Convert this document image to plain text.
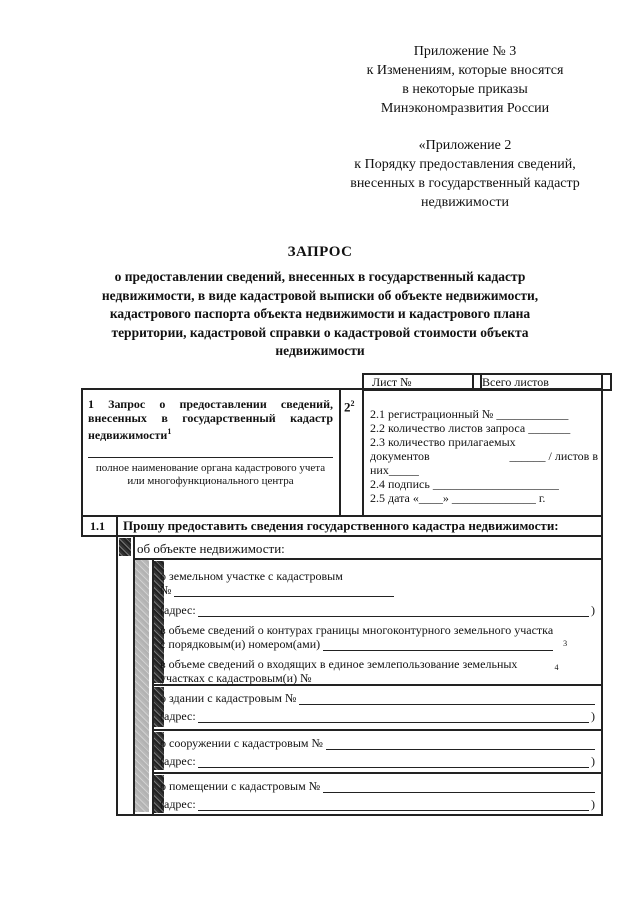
Приложение № 3
к Изменениям, которые вносятся
в некоторые приказы
Минэкономразвития России
«Приложение 2
к Порядку предоставления сведений,
внесенных в государственный кадастр
недвижимости
ЗАПРОС
о предоставлении сведений, внесенных в государственный кадастр
недвижимости, в виде кадастровой выписки об объекте недвижимости,
кадастрового паспорта объекта недвижимости и кадастрового плана
территории, кадастровой справки о кадастровой стоимости объекта
недвижимости
Лист №	Всего листов
1 Запрос о предоставлении сведений, внесенных в государственный кадастр недвижимости$^1$
полное наименование органа кадастрового учета
или многофункционального центра
$2^2$
2.1 регистрационный № ____________
2.2 количество листов запроса _______
2.3 количество прилагаемых
документов	______ / листов в
них_____
2.4 подпись _____________________
2.5 дата «____» ______________ г.
1.1 Прошу предоставить сведения государственного кадастра недвижимости:
об объекте недвижимости:
о земельном участке с кадастровым
№
(адрес:	)
в объеме сведений о контурах границы многоконтурного земельного участка
с порядковым(и) номером(ами)	3
в объеме сведений о входящих в единое землепользование земельных
участках с кадастровым(и) №
$^4$
о здании с кадастровым №
(адрес:	)
о сооружении с кадастровым №
(адрес:	)
о помещении с кадастровым №
(адрес:	)
